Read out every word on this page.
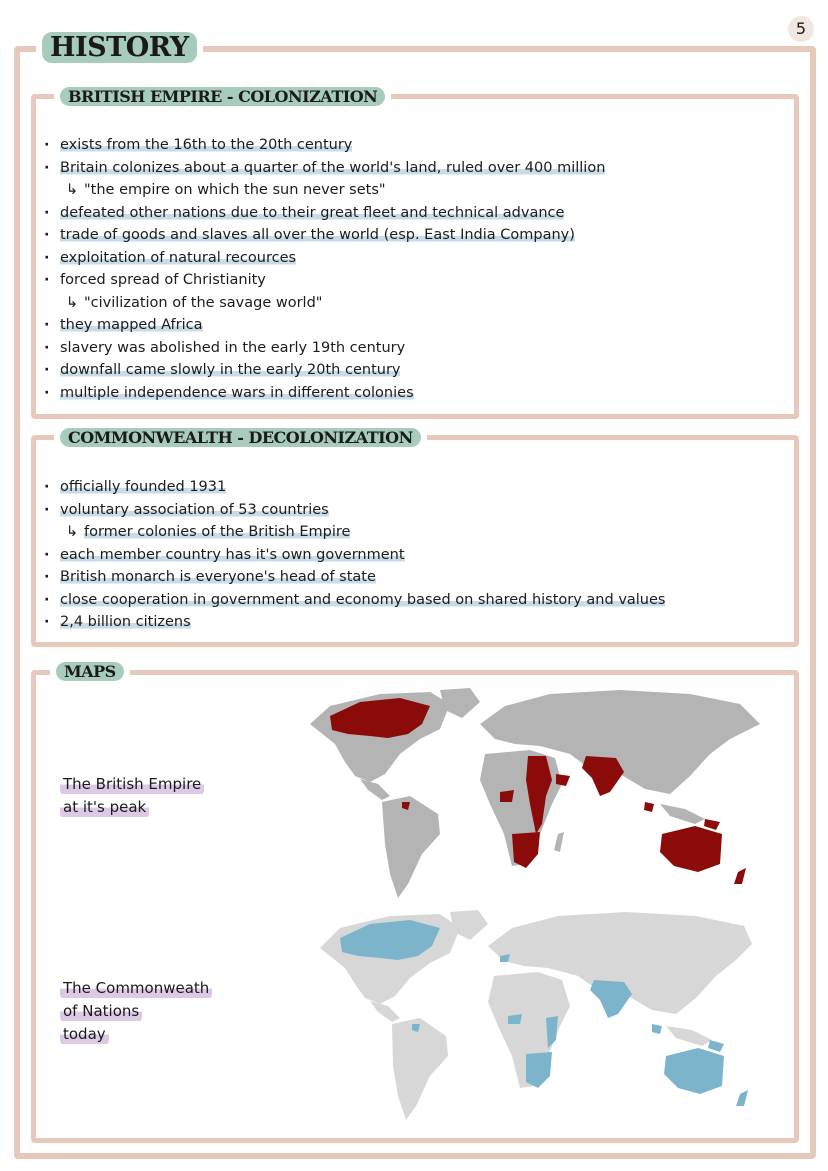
5
HISTORY
BRITISH EMPIRE - COLONIZATION
· exists from the 16th to the 20th century
· Britain colonizes about a quarter of the world's land, ruled over 400 million
↳ "the empire on which the sun never sets"
· defeated other nations due to their great fleet and technical advance
· trade of goods and slaves all over the world (esp. East India Company)
· exploitation of natural recources
· forced spread of Christianity
↳ "civilization of the savage world"
· they mapped Africa
· slavery was abolished in the early 19th century
· downfall came slowly in the early 20th century
· multiple independence wars in different colonies
COMMONWEALTH - DECOLONIZATION
· officially founded 1931
· voluntary association of 53 countries
↳ former colonies of the British Empire
· each member country has it's own government
· British monarch is everyone's head of state
· close cooperation in government and economy based on shared history and values
· 2,4 billion citizens
MAPS
The British Empire
at it's peak
The Commonweath
of Nations
today
